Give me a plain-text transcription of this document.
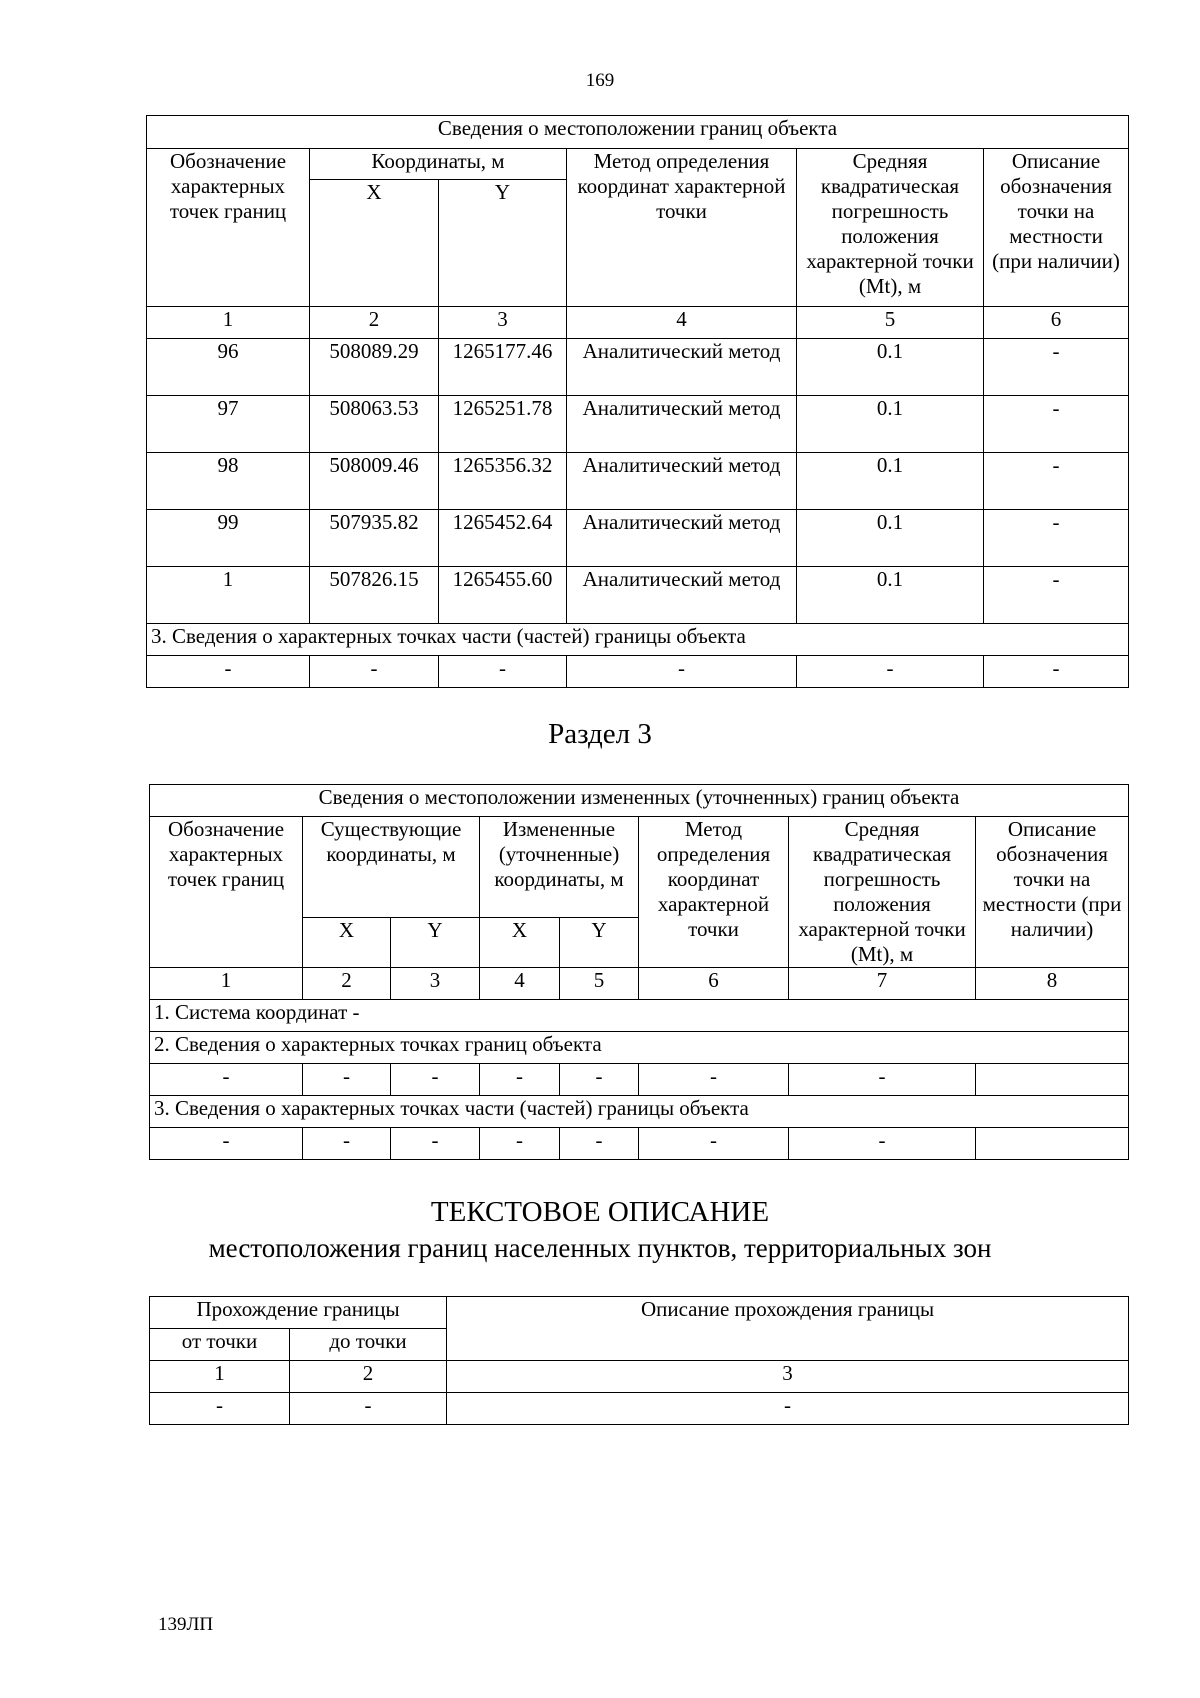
169
Сведения о местоположении границ объекта					
Обозначение характерных точек границ	Координаты, м		Метод определения координат характерной точки	Средняя квадратическая погрешность положения характерной точки (Mt), м	Описание обозначения точки на местности (при наличии)
	X	Y			
1	2	3	4	5	6
96	508089.29	1265177.46	Аналитический метод	0.1	-
97	508063.53	1265251.78	Аналитический метод	0.1	-
98	508009.46	1265356.32	Аналитический метод	0.1	-
99	507935.82	1265452.64	Аналитический метод	0.1	-
1	507826.15	1265455.60	Аналитический метод	0.1	-
3. Сведения о характерных точках части (частей) границы объекта					
-	-	-	-	-	-
Раздел 3
Сведения о местоположении измененных (уточненных) границ объекта							
Обозначение характерных точек границ	Существующие координаты, м		Измененные (уточненные) координаты, м		Метод определения координат характерной точки	Средняя квадратическая погрешность положения характерной точки (Mt), м	Описание обозначения точки на местности (при наличии)
	X	Y	X	Y			
1	2	3	4	5	6	7	8
1. Система координат -							
2. Сведения о характерных точках границ объекта							
-	-	-	-	-	-	-	
3. Сведения о характерных точках части (частей) границы объекта							
-	-	-	-	-	-	-	
ТЕКСТОВОЕ ОПИСАНИЕ
местоположения границ населенных пунктов, территориальных зон
Прохождение границы		Описание прохождения границы
от точки	до точки	
1	2	3
-	-	-
139ЛП
